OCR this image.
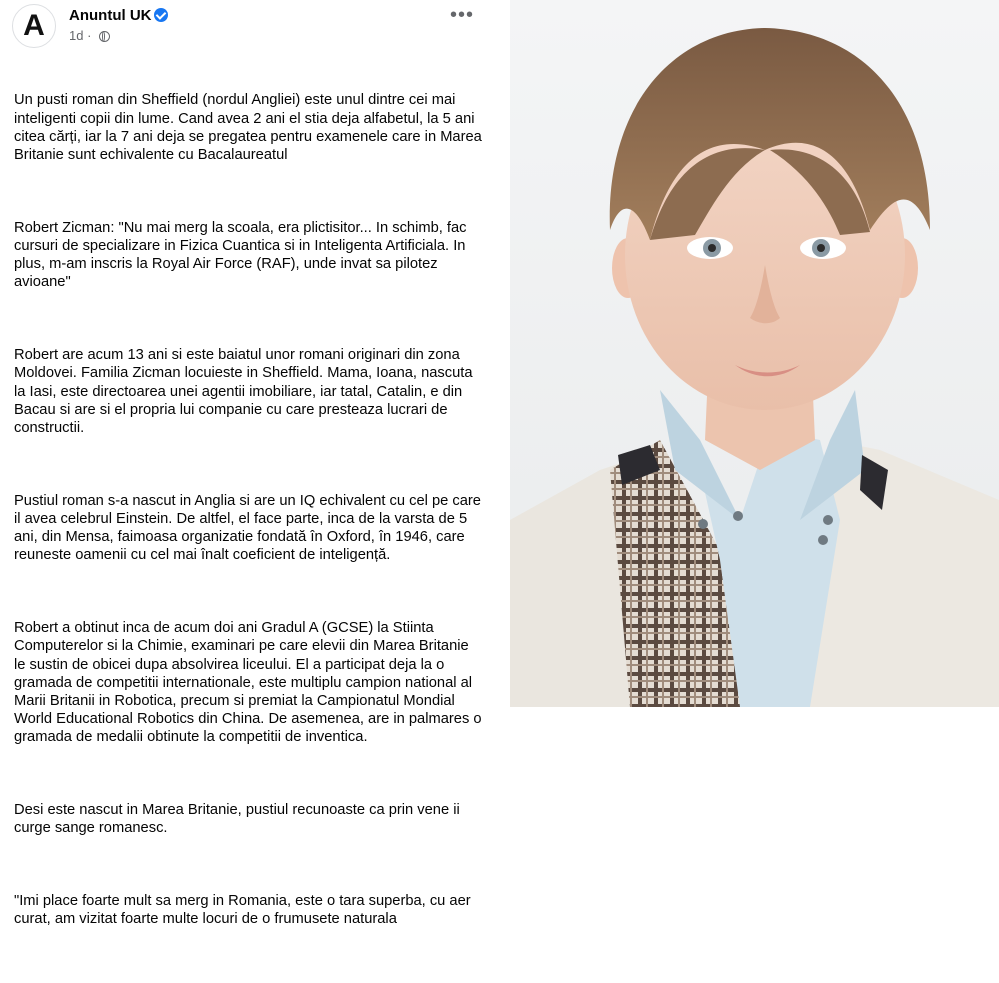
A	Anuntul UK
1d ·
•••

Un pusti roman din Sheffield (nordul Angliei) este unul dintre cei mai inteligenti copii din lume. Cand avea 2 ani el stia deja alfabetul, la 5 ani citea cărți, iar la 7 ani deja se pregatea pentru examenele care in Marea Britanie sunt echivalente cu Bacalaureatul

Robert Zicman: "Nu mai merg la scoala, era plictisitor... In schimb, fac cursuri de specializare in Fizica Cuantica si in Inteligenta Artificiala. In plus, m-am inscris la Royal Air Force (RAF), unde invat sa pilotez avioane"

Robert are acum 13 ani si este baiatul unor romani originari din zona Moldovei. Familia Zicman locuieste in Sheffield. Mama, Ioana, nascuta la Iasi, este directoarea unei agentii imobiliare, iar tatal, Catalin, e din Bacau si are si el propria lui companie cu care presteaza lucrari de constructii.

Pustiul roman s-a nascut in Anglia si are un IQ echivalent cu cel pe care il avea celebrul Einstein. De altfel, el face parte, inca de la varsta de 5 ani, din Mensa, faimoasa organizatie fondată în Oxford, în 1946, care reuneste oamenii cu cel mai înalt coeficient de inteligență.

Robert a obtinut inca de acum doi ani Gradul A (GCSE) la Stiinta Computerelor si la Chimie, examinari pe care elevii din Marea Britanie le sustin de obicei dupa absolvirea liceului. El a participat deja la o gramada de competitii internationale, este multiplu campion national al Marii Britanii in Robotica, precum si premiat la Campionatul Mondial World Educational Robotics din China. De asemenea, are in palmares o gramada de medalii obtinute la competitii de inventica.

Desi este nascut in Marea Britanie, pustiul recunoaste ca prin vene ii curge sange romanesc.

"Imi place foarte mult sa merg in Romania, este o tara superba, cu aer curat, am vizitat foarte multe locuri de o frumusete naturala
